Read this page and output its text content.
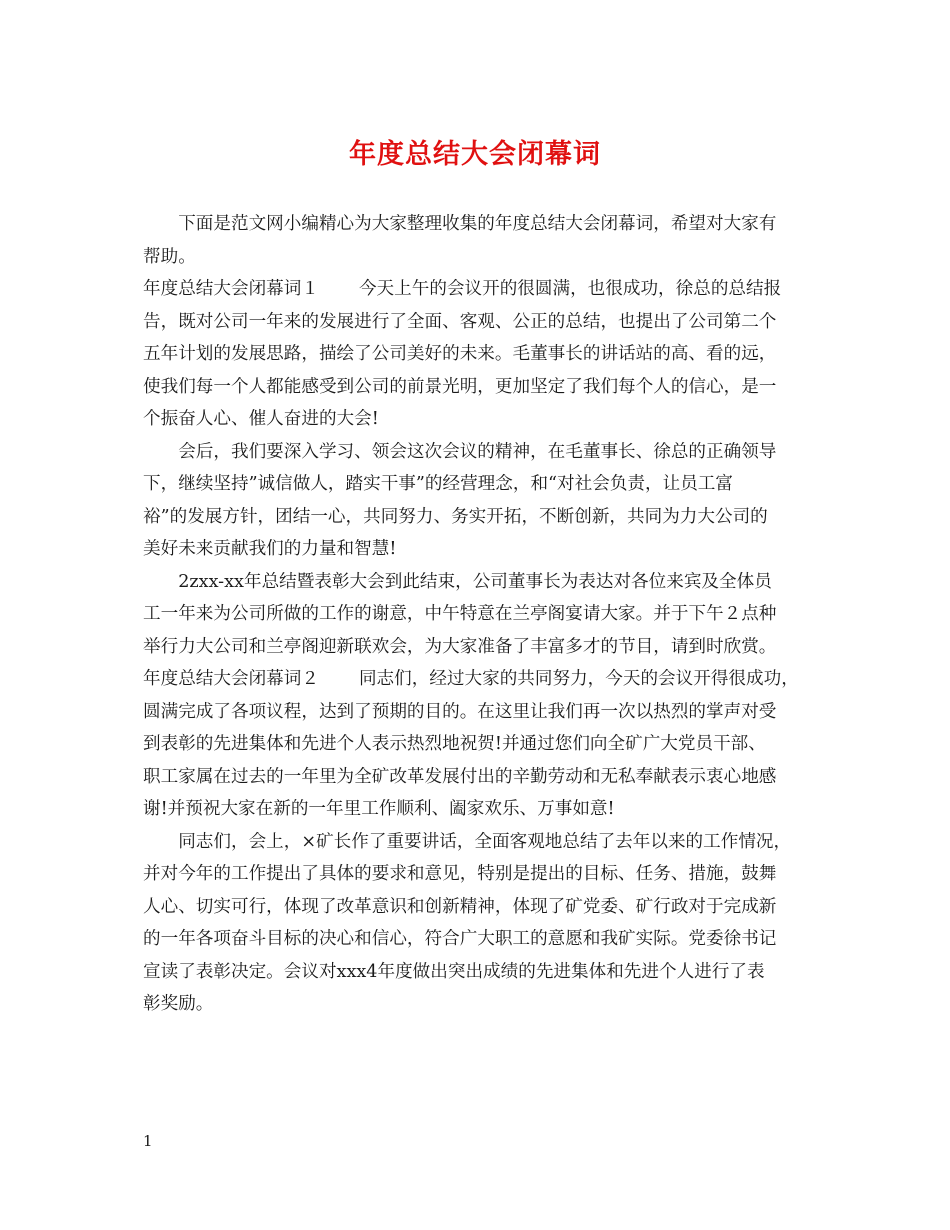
年度总结大会闭幕词
　　下面是范文网小编精心为大家整理收集的年度总结大会闭幕词，希望对大家有
帮助。
年度总结大会闭幕词１ 今天上午的会议开的很圆满，也很成功，徐总的总结报
告，既对公司一年来的发展进行了全面、客观、公正的总结，也提出了公司第二个
五年计划的发展思路，描绘了公司美好的未来。毛董事长的讲话站的高、看的远，
使我们每一个人都能感受到公司的前景光明，更加坚定了我们每个人的信心，是一
个振奋人心、催人奋进的大会!
　　会后，我们要深入学习、领会这次会议的精神，在毛董事长、徐总的正确领导
下，继续坚持”诚信做人，踏实干事”的经营理念，和“对社会负责，让员工富
裕”的发展方针，团结一心，共同努力、务实开拓，不断创新，共同为力大公司的
美好未来贡献我们的力量和智慧!
　　2zxx-xx年总结暨表彰大会到此结束，公司董事长为表达对各位来宾及全体员
工一年来为公司所做的工作的谢意，中午特意在兰亭阁宴请大家。并于下午２点种
举行力大公司和兰亭阁迎新联欢会，为大家准备了丰富多才的节目，请到时欣赏。
年度总结大会闭幕词２ 同志们，经过大家的共同努力，今天的会议开得很成功，
圆满完成了各项议程，达到了预期的目的。在这里让我们再一次以热烈的掌声对受
到表彰的先进集体和先进个人表示热烈地祝贺!并通过您们向全矿广大党员干部、
职工家属在过去的一年里为全矿改革发展付出的辛勤劳动和无私奉献表示衷心地感
谢!并预祝大家在新的一年里工作顺利、阖家欢乐、万事如意!
　　同志们，会上，×矿长作了重要讲话，全面客观地总结了去年以来的工作情况，
并对今年的工作提出了具体的要求和意见，特别是提出的目标、任务、措施，鼓舞
人心、切实可行，体现了改革意识和创新精神，体现了矿党委、矿行政对于完成新
的一年各项奋斗目标的决心和信心，符合广大职工的意愿和我矿实际。党委徐书记
宣读了表彰决定。会议对xxx4年度做出突出成绩的先进集体和先进个人进行了表
彰奖励。
1
